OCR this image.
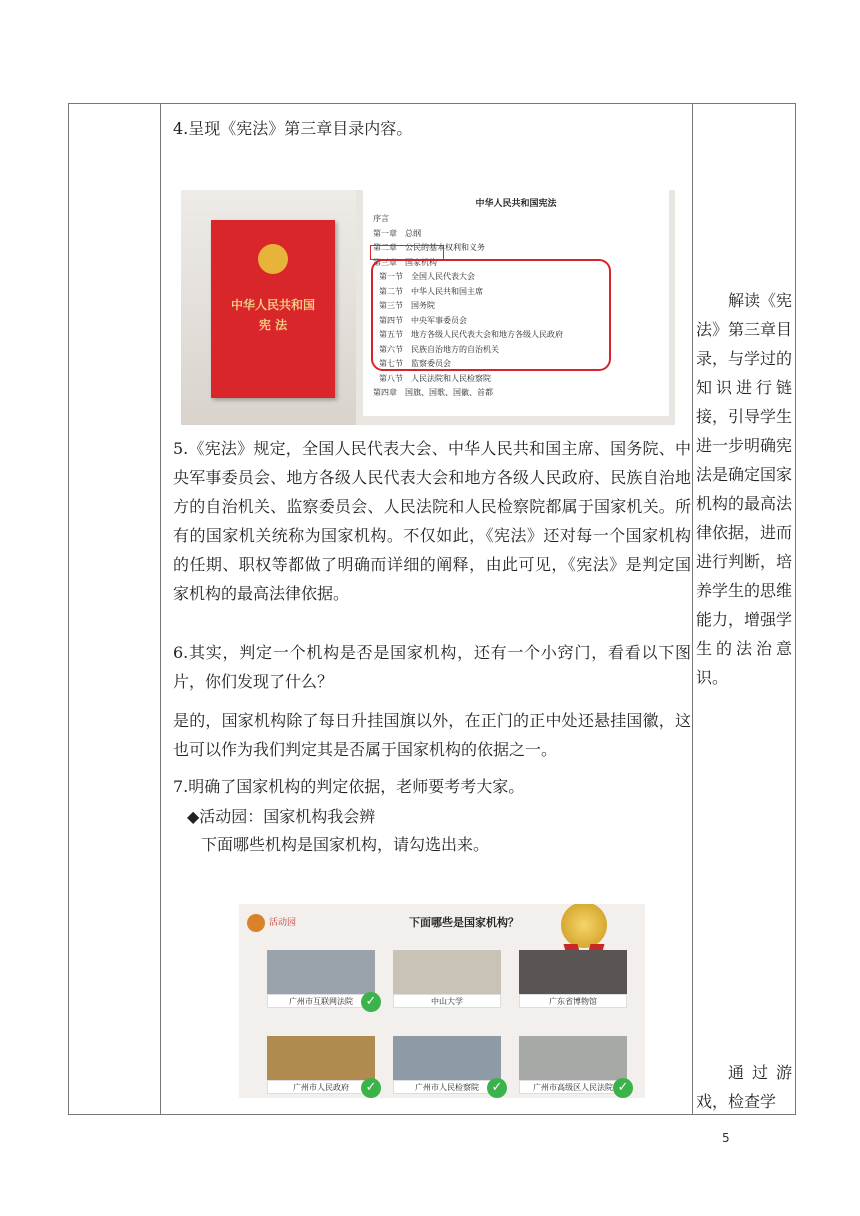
4.呈现《宪法》第三章目录内容。

中华人民共和国
宪 法
中华人民共和国宪法
序言
第一章　总纲
第二章　公民的基本权利和义务
第三章　国家机构
第一节　全国人民代表大会
第二节　中华人民共和国主席
第三节　国务院
第四节　中央军事委员会
第五节　地方各级人民代表大会和地方各级人民政府
第六节　民族自治地方的自治机关
第七节　监察委员会
第八节　人民法院和人民检察院
第四章　国旗、国歌、国徽、首都

5.《宪法》规定，全国人民代表大会、中华人民共和国主席、国务院、中央军事委员会、地方各级人民代表大会和地方各级人民政府、民族自治地方的自治机关、监察委员会、人民法院和人民检察院都属于国家机关。所有的国家机关统称为国家机构。不仅如此，《宪法》还对每一个国家机构的任期、职权等都做了明确而详细的阐释，由此可见，《宪法》是判定国家机构的最高法律依据。

6.其实，判定一个机构是否是国家机构，还有一个小窍门，看看以下图片，你们发现了什么？

是的，国家机构除了每日升挂国旗以外，在正门的正中处还悬挂国徽，这也可以作为我们判定其是否属于国家机构的依据之一。

7.明确了国家机构的判定依据，老师要考考大家。

◆活动园：国家机构我会辨

下面哪些机构是国家机构，请勾选出来。

活动园	下面哪些是国家机构？
广州市互联网法院 ✓	中山大学	广东省博物馆
广州市人民政府	✓	广州市人民检察院 ✓	广州市高级区人民法院 ✓

解读《宪法》第三章目录，与学过的知识进行链接，引导学生进一步明确宪法是确定国家机构的最高法律依据，进而进行判断，培养学生的思维能力，增强学生的法治意识。

通过游戏，检查学

5
